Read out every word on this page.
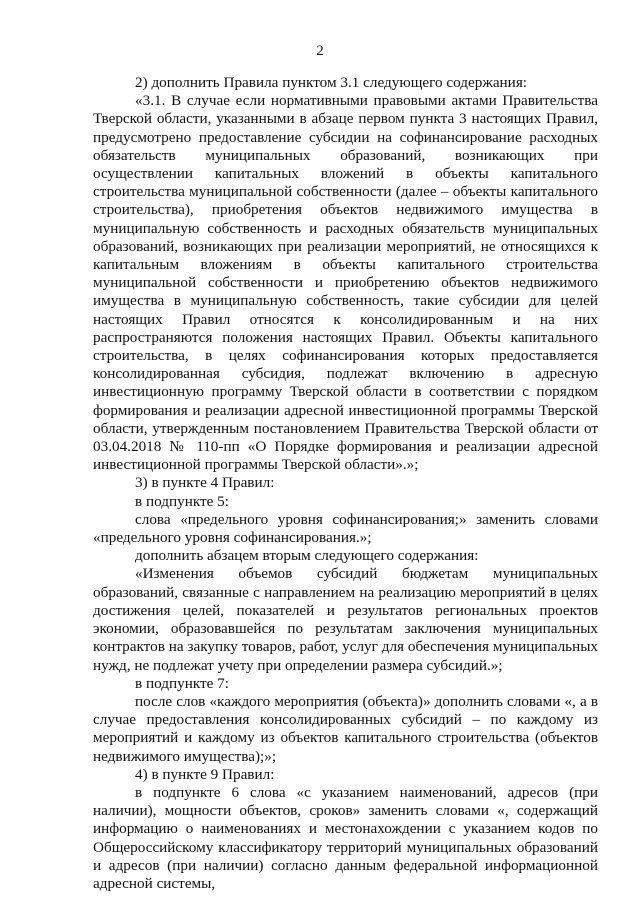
2

2) дополнить Правила пунктом 3.1 следующего содержания:

«3.1. В случае если нормативными правовыми актами Правительства Тверской области, указанными в абзаце первом пункта 3 настоящих Правил, предусмотрено предоставление субсидии на софинансирование расходных обязательств муниципальных образований, возникающих при осуществлении капитальных вложений в объекты капитального строительства муниципальной собственности (далее – объекты капитального строительства), приобретения объектов недвижимого имущества в муниципальную собственность и расходных обязательств муниципальных образований, возникающих при реализации мероприятий, не относящихся к капитальным вложениям в объекты капитального строительства муниципальной собственности и приобретению объектов недвижимого имущества в муниципальную собственность, такие субсидии для целей настоящих Правил относятся к консолидированным и на них распространяются положения настоящих Правил. Объекты капитального строительства, в целях софинансирования которых предоставляется консолидированная субсидия, подлежат включению в адресную инвестиционную программу Тверской области в соответствии с порядком формирования и реализации адресной инвестиционной программы Тверской области, утвержденным постановлением Правительства Тверской области от 03.04.2018 № 110-пп «О Порядке формирования и реализации адресной инвестиционной программы Тверской области».»;

3) в пункте 4 Правил:

в подпункте 5:

слова «предельного уровня софинансирования;» заменить словами «предельного уровня софинансирования.»;

дополнить абзацем вторым следующего содержания:

«Изменения объемов субсидий бюджетам муниципальных образований, связанные с направлением на реализацию мероприятий в целях достижения целей, показателей и результатов региональных проектов экономии, образовавшейся по результатам заключения муниципальных контрактов на закупку товаров, работ, услуг для обеспечения муниципальных нужд, не подлежат учету при определении размера субсидий.»;

в подпункте 7:

после слов «каждого мероприятия (объекта)» дополнить словами «, а в случае предоставления консолидированных субсидий – по каждому из мероприятий и каждому из объектов капитального строительства (объектов недвижимого имущества);»;

4) в пункте 9 Правил:

в подпункте 6 слова «с указанием наименований, адресов (при наличии), мощности объектов, сроков» заменить словами «, содержащий информацию о наименованиях и местонахождении с указанием кодов по Общероссийскому классификатору территорий муниципальных образований и адресов (при наличии) согласно данным федеральной информационной адресной системы,
